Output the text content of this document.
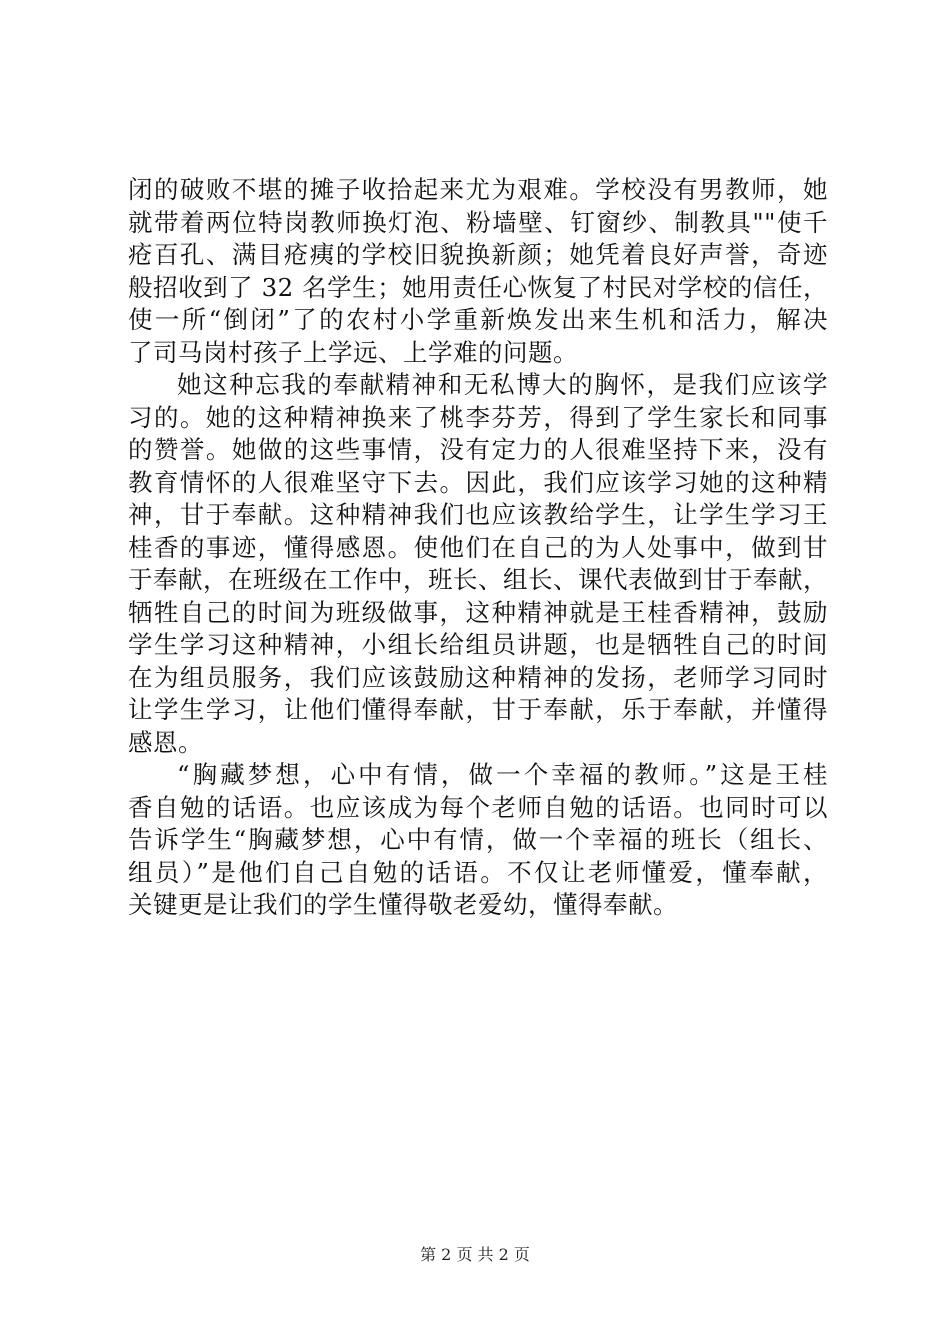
闭的破败不堪的摊子收拾起来尤为艰难。学校没有男教师，她
就带着两位特岗教师换灯泡、粉墙壁、钉窗纱、制教具""使千
疮百孔、满目疮痍的学校旧貌换新颜；她凭着良好声誉，奇迹
般招收到了 32 名学生；她用责任心恢复了村民对学校的信任，
使一所“倒闭”了的农村小学重新焕发出来生机和活力，解决
了司马岗村孩子上学远、上学难的问题。
她这种忘我的奉献精神和无私博大的胸怀，是我们应该学
习的。她的这种精神换来了桃李芬芳，得到了学生家长和同事
的赞誉。她做的这些事情，没有定力的人很难坚持下来，没有
教育情怀的人很难坚守下去。因此，我们应该学习她的这种精
神，甘于奉献。这种精神我们也应该教给学生，让学生学习王
桂香的事迹，懂得感恩。使他们在自己的为人处事中，做到甘
于奉献，在班级在工作中，班长、组长、课代表做到甘于奉献，
牺牲自己的时间为班级做事，这种精神就是王桂香精神，鼓励
学生学习这种精神，小组长给组员讲题，也是牺牲自己的时间
在为组员服务，我们应该鼓励这种精神的发扬，老师学习同时
让学生学习，让他们懂得奉献，甘于奉献，乐于奉献，并懂得
感恩。
“胸藏梦想，心中有情，做一个幸福的教师。”这是王桂
香自勉的话语。也应该成为每个老师自勉的话语。也同时可以
告诉学生“胸藏梦想，心中有情，做一个幸福的班长（组长、
组员）”是他们自己自勉的话语。不仅让老师懂爱，懂奉献，
关键更是让我们的学生懂得敬老爱幼，懂得奉献。
第 2 页 共 2 页
